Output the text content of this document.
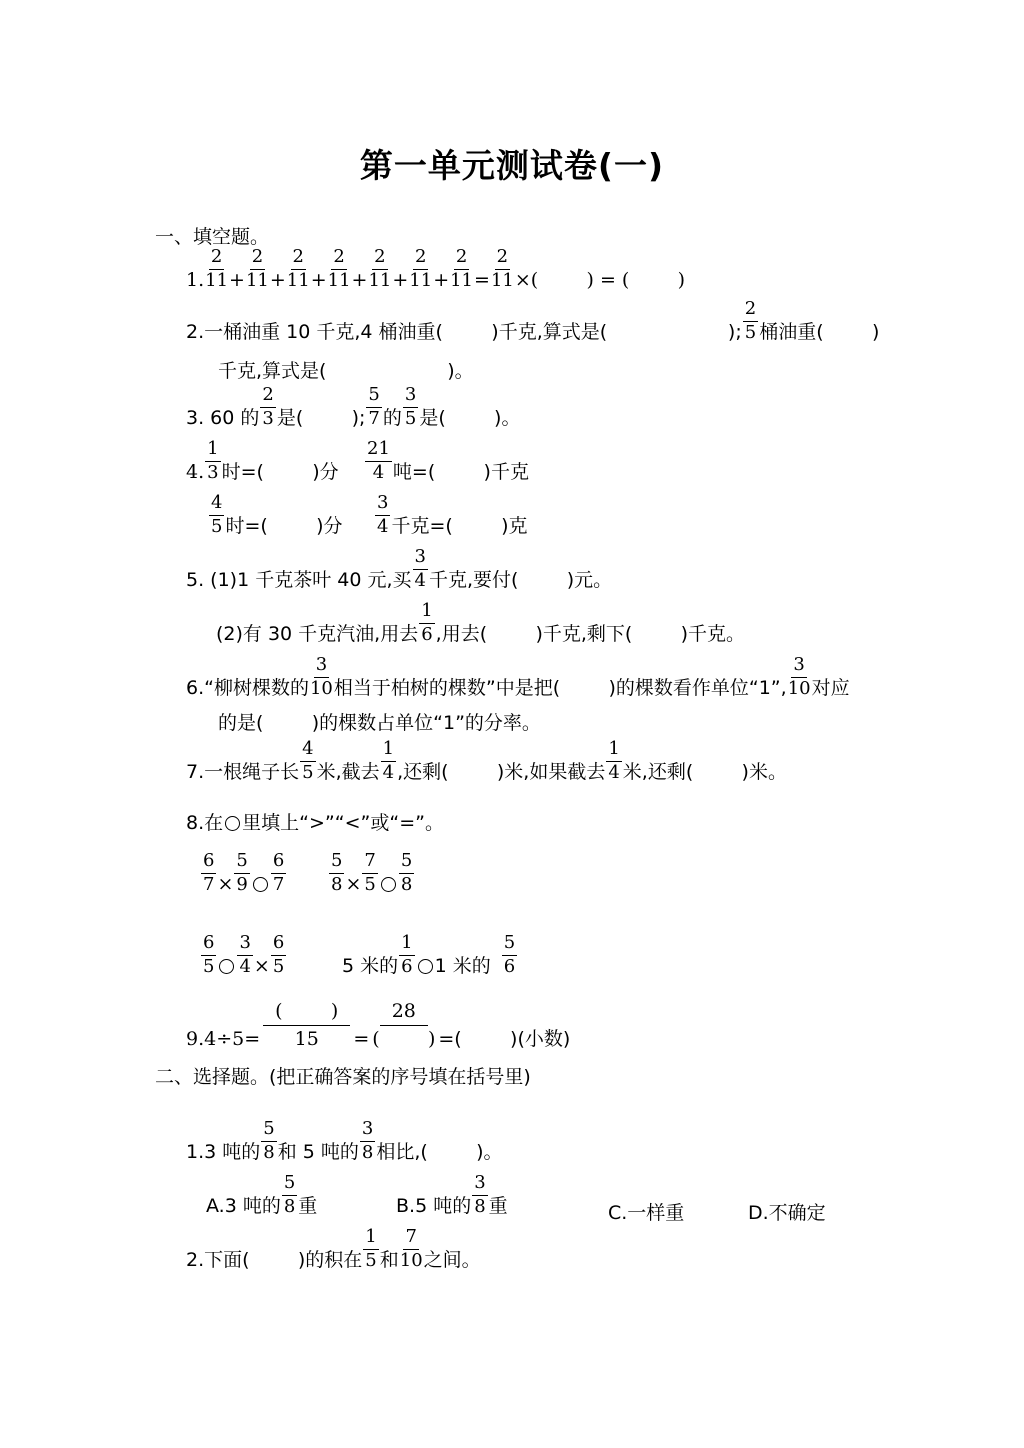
第一单元测试卷(一)
一、填空题。
1.
2
$11 + \frac{2}{11} + \frac{2}{11} + \frac{2}{11} + \frac{2}{11} + \frac{2}{11} + \frac{2}{11} = \frac{2}{11}$ × (        ) = (        )
2.一桶油重 10 千克,4 桶油重(        )千克,算式是(                    );
2
5 桶油重(        )
千克,算式是(                    )。
3. 60 的
2
3 是(        );
5
7 的
3
5 是(        )。
4.
1
3 时=(        )分
21
4 吨=(        )千克
4
5 时=(        )分
3
4 千克=(        )克
5. (1)1 千克茶叶 40 元,买
3
4 千克,要付(        )元。
(2)有 30 千克汽油,用去
1
6 ,用去(        )千克,剩下(        )千克。
6.“柳树棵数的
3
10 相当于柏树的棵数”中是把(        )的棵数看作单位“1”,
3
10 对应
的是(        )的棵数占单位“1”的分率。
7.一根绳子长
4
5 米,截去
1
4 ,还剩(        )米,如果截去
1
4 米,还剩(        )米。
8.在 里填上“>”“<”或“=”。
$\frac{6}{7} \times \frac{5}{9} 6$
$7 \frac{5}{8} \times \frac{7}{5} 5$
8
6
$5 \frac{3}{4} \times \frac{6}{5}$	5 米的
1
6 1 米的
5
6
9.4÷5=
(        )
15 =
28
(        ) =(        )(小数)
二、选择题。(把正确答案的序号填在括号里)
1.3 吨的
5
8 和 5 吨的
3
8 相比,(        )。
A.3 吨的
5
8 重	B.5 吨的
3
8 重	C.一样重	D.不确定
2.下面(        )的积在
1
5 和
7
10 之间。
